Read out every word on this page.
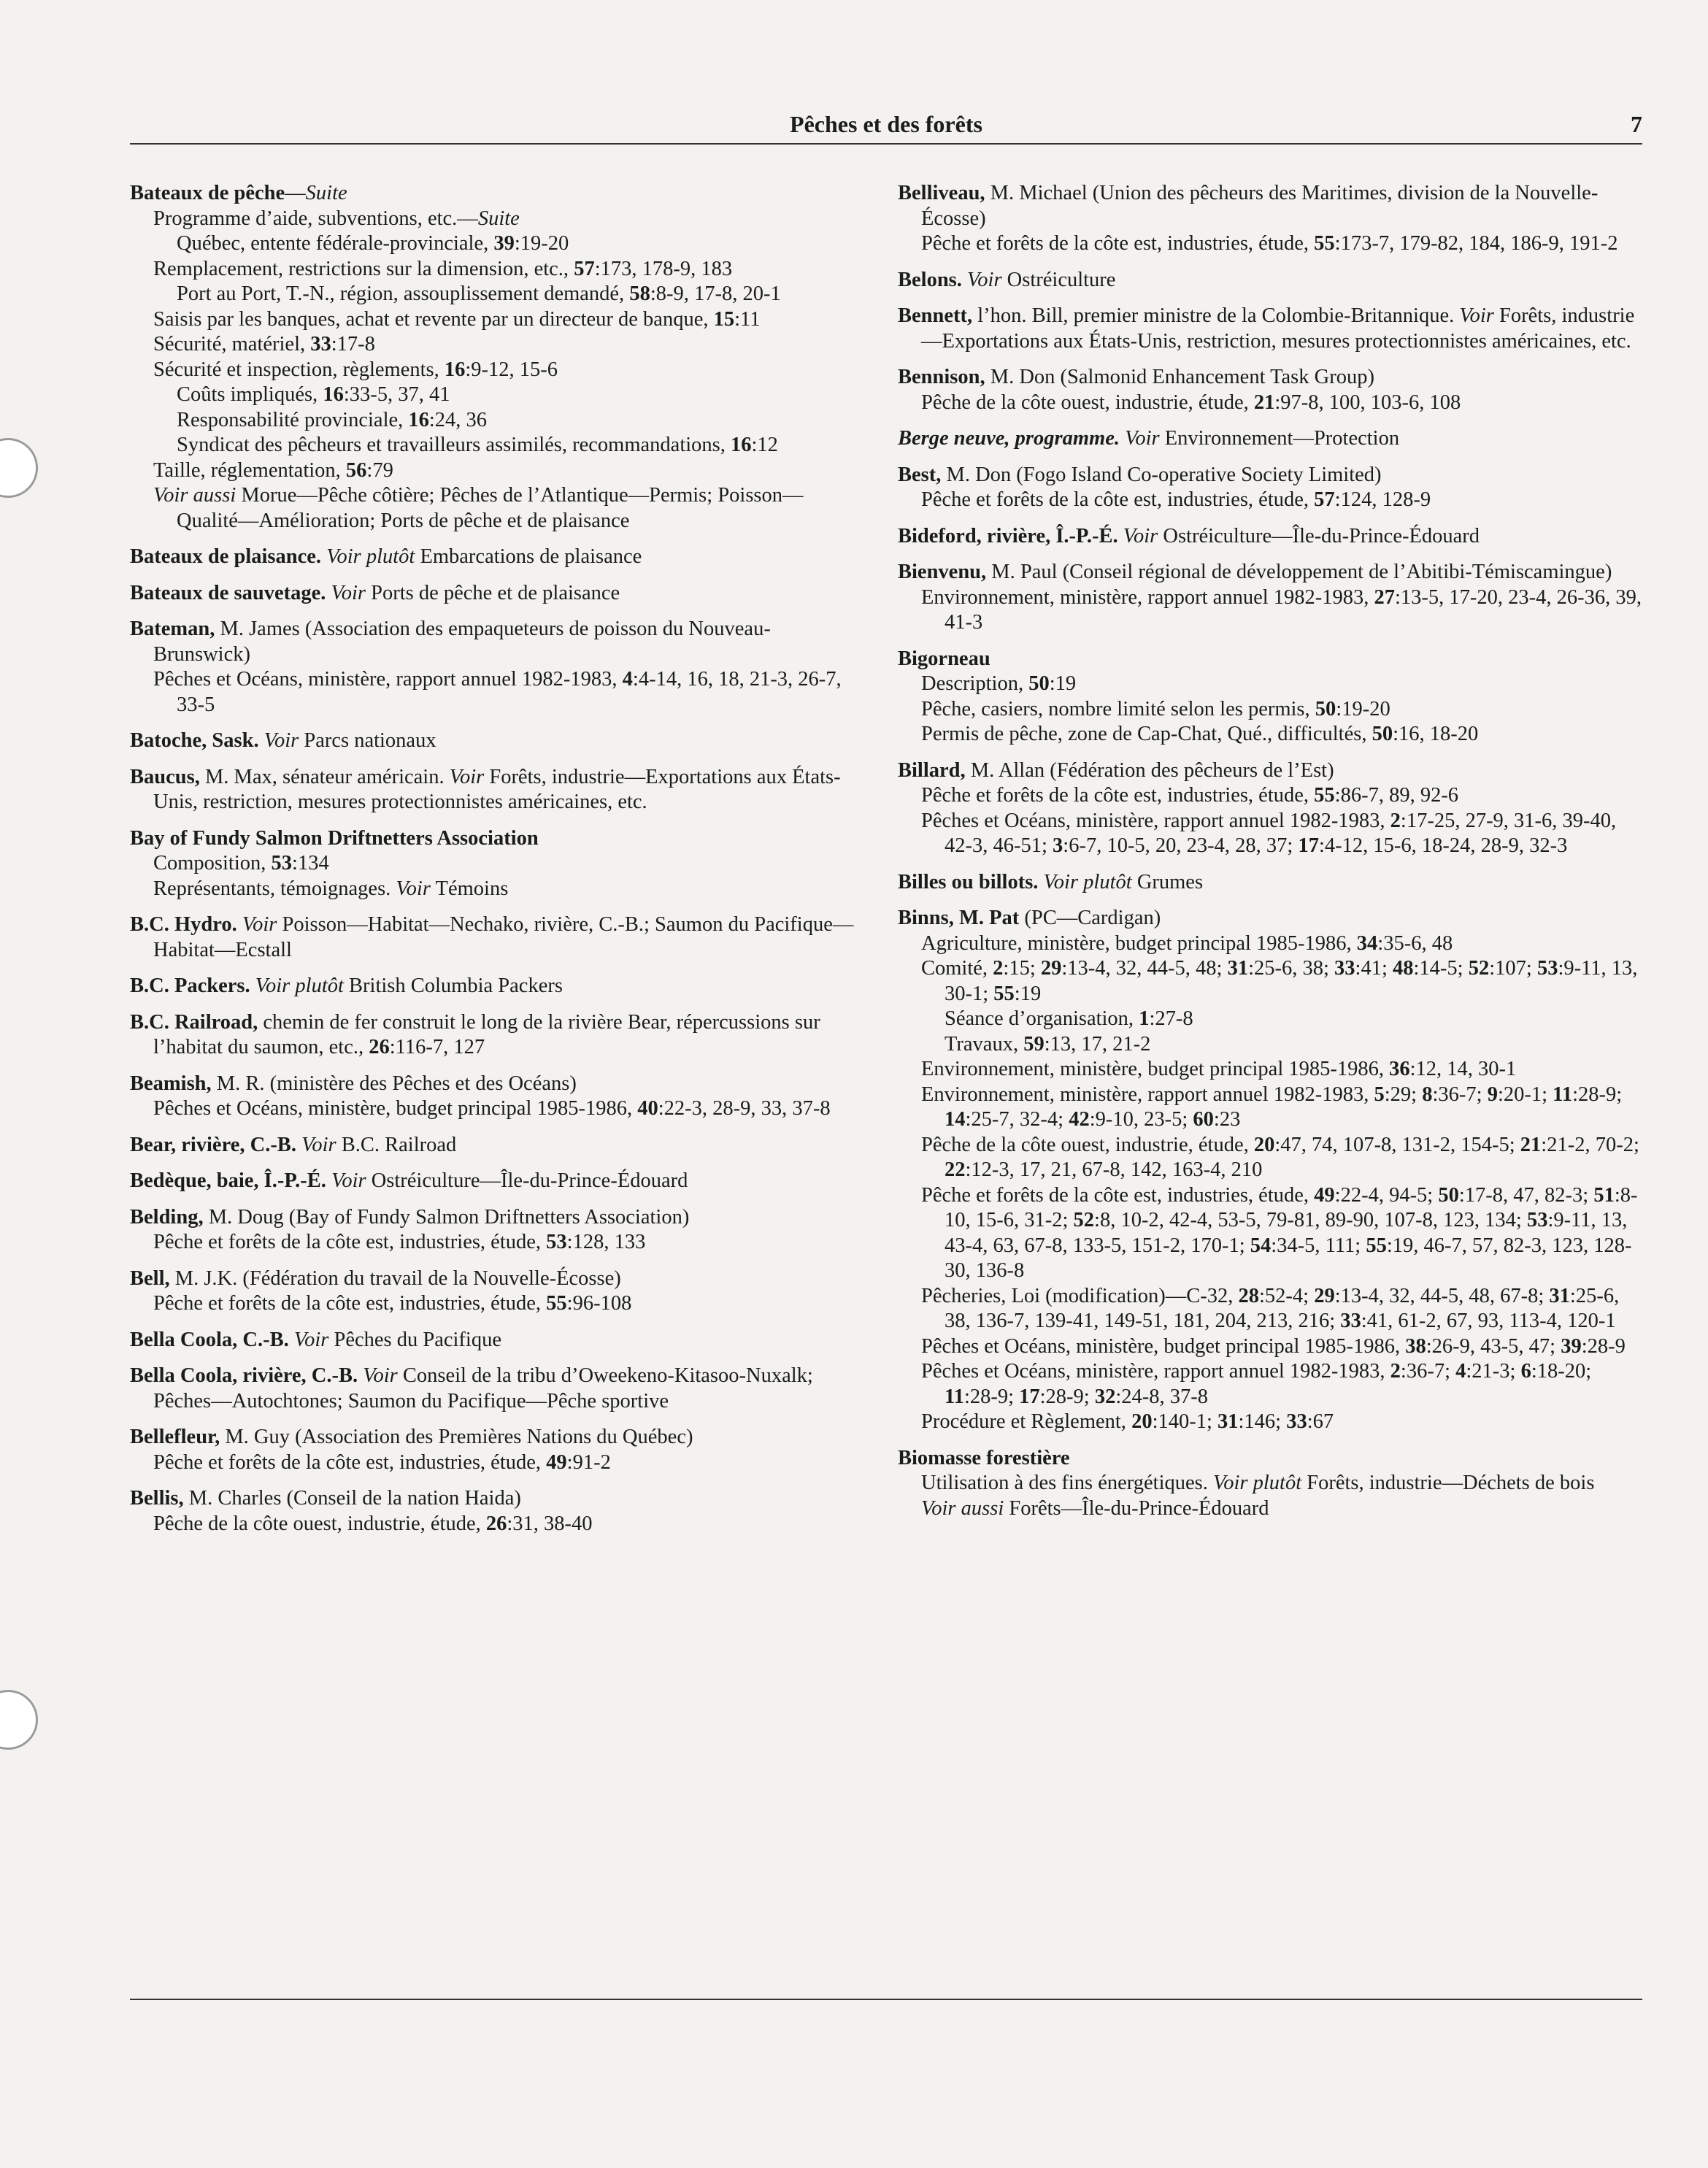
Pêches et des forêts	7
Bateaux de pêche—Suite
Programme d’aide, subventions, etc.—Suite
Québec, entente fédérale-provinciale, 39:19-20
Remplacement, restrictions sur la dimension, etc., 57:173, 178-9, 183
Port au Port, T.-N., région, assouplissement demandé, 58:8-9, 17-8, 20-1
Saisis par les banques, achat et revente par un directeur de banque, 15:11
Sécurité, matériel, 33:17-8
Sécurité et inspection, règlements, 16:9-12, 15-6
Coûts impliqués, 16:33-5, 37, 41
Responsabilité provinciale, 16:24, 36
Syndicat des pêcheurs et travailleurs assimilés, recommandations, 16:12
Taille, réglementation, 56:79
Voir aussi Morue—Pêche côtière; Pêches de l’Atlantique—Permis; Poisson—Qualité—Amélioration; Ports de pêche et de plaisance
Bateaux de plaisance. Voir plutôt Embarcations de plaisance
Bateaux de sauvetage. Voir Ports de pêche et de plaisance
Bateman, M. James (Association des empaqueteurs de poisson du Nouveau-Brunswick)
Pêches et Océans, ministère, rapport annuel 1982-1983, 4:4-14, 16, 18, 21-3, 26-7, 33-5
Batoche, Sask. Voir Parcs nationaux
Baucus, M. Max, sénateur américain. Voir Forêts, industrie—Exportations aux États-Unis, restriction, mesures protectionnistes américaines, etc.
Bay of Fundy Salmon Driftnetters Association
Composition, 53:134
Représentants, témoignages. Voir Témoins
B.C. Hydro. Voir Poisson—Habitat—Nechako, rivière, C.-B.; Saumon du Pacifique—Habitat—Ecstall
B.C. Packers. Voir plutôt British Columbia Packers
B.C. Railroad, chemin de fer construit le long de la rivière Bear, répercussions sur l’habitat du saumon, etc., 26:116-7, 127
Beamish, M. R. (ministère des Pêches et des Océans)
Pêches et Océans, ministère, budget principal 1985-1986, 40:22-3, 28-9, 33, 37-8
Bear, rivière, C.-B. Voir B.C. Railroad
Bedèque, baie, Î.-P.-É. Voir Ostréiculture—Île-du-Prince-Édouard
Belding, M. Doug (Bay of Fundy Salmon Driftnetters Association)
Pêche et forêts de la côte est, industries, étude, 53:128, 133
Bell, M. J.K. (Fédération du travail de la Nouvelle-Écosse)
Pêche et forêts de la côte est, industries, étude, 55:96-108
Bella Coola, C.-B. Voir Pêches du Pacifique
Bella Coola, rivière, C.-B. Voir Conseil de la tribu d’Oweekeno-Kitasoo-Nuxalk; Pêches—Autochtones; Saumon du Pacifique—Pêche sportive
Bellefleur, M. Guy (Association des Premières Nations du Québec)
Pêche et forêts de la côte est, industries, étude, 49:91-2
Bellis, M. Charles (Conseil de la nation Haida)
Pêche de la côte ouest, industrie, étude, 26:31, 38-40
Belliveau, M. Michael (Union des pêcheurs des Maritimes, division de la Nouvelle-Écosse)
Pêche et forêts de la côte est, industries, étude, 55:173-7, 179-82, 184, 186-9, 191-2
Belons. Voir Ostréiculture
Bennett, l’hon. Bill, premier ministre de la Colombie-Britannique. Voir Forêts, industrie—Exportations aux États-Unis, restriction, mesures protectionnistes américaines, etc.
Bennison, M. Don (Salmonid Enhancement Task Group)
Pêche de la côte ouest, industrie, étude, 21:97-8, 100, 103-6, 108
Berge neuve, programme. Voir Environnement—Protection
Best, M. Don (Fogo Island Co-operative Society Limited)
Pêche et forêts de la côte est, industries, étude, 57:124, 128-9
Bideford, rivière, Î.-P.-É. Voir Ostréiculture—Île-du-Prince-Édouard
Bienvenu, M. Paul (Conseil régional de développement de l’Abitibi-Témiscamingue)
Environnement, ministère, rapport annuel 1982-1983, 27:13-5, 17-20, 23-4, 26-36, 39, 41-3
Bigorneau
Description, 50:19
Pêche, casiers, nombre limité selon les permis, 50:19-20
Permis de pêche, zone de Cap-Chat, Qué., difficultés, 50:16, 18-20
Billard, M. Allan (Fédération des pêcheurs de l’Est)
Pêche et forêts de la côte est, industries, étude, 55:86-7, 89, 92-6
Pêches et Océans, ministère, rapport annuel 1982-1983, 2:17-25, 27-9, 31-6, 39-40, 42-3, 46-51; 3:6-7, 10-5, 20, 23-4, 28, 37; 17:4-12, 15-6, 18-24, 28-9, 32-3
Billes ou billots. Voir plutôt Grumes
Binns, M. Pat (PC—Cardigan)
Agriculture, ministère, budget principal 1985-1986, 34:35-6, 48
Comité, 2:15; 29:13-4, 32, 44-5, 48; 31:25-6, 38; 33:41; 48:14-5; 52:107; 53:9-11, 13, 30-1; 55:19
Séance d’organisation, 1:27-8
Travaux, 59:13, 17, 21-2
Environnement, ministère, budget principal 1985-1986, 36:12, 14, 30-1
Environnement, ministère, rapport annuel 1982-1983, 5:29; 8:36-7; 9:20-1; 11:28-9; 14:25-7, 32-4; 42:9-10, 23-5; 60:23
Pêche de la côte ouest, industrie, étude, 20:47, 74, 107-8, 131-2, 154-5; 21:21-2, 70-2; 22:12-3, 17, 21, 67-8, 142, 163-4, 210
Pêche et forêts de la côte est, industries, étude, 49:22-4, 94-5; 50:17-8, 47, 82-3; 51:8-10, 15-6, 31-2; 52:8, 10-2, 42-4, 53-5, 79-81, 89-90, 107-8, 123, 134; 53:9-11, 13, 43-4, 63, 67-8, 133-5, 151-2, 170-1; 54:34-5, 111; 55:19, 46-7, 57, 82-3, 123, 128-30, 136-8
Pêcheries, Loi (modification)—C-32, 28:52-4; 29:13-4, 32, 44-5, 48, 67-8; 31:25-6, 38, 136-7, 139-41, 149-51, 181, 204, 213, 216; 33:41, 61-2, 67, 93, 113-4, 120-1
Pêches et Océans, ministère, budget principal 1985-1986, 38:26-9, 43-5, 47; 39:28-9
Pêches et Océans, ministère, rapport annuel 1982-1983, 2:36-7; 4:21-3; 6:18-20; 11:28-9; 17:28-9; 32:24-8, 37-8
Procédure et Règlement, 20:140-1; 31:146; 33:67
Biomasse forestière
Utilisation à des fins énergétiques. Voir plutôt Forêts, industrie—Déchets de bois
Voir aussi Forêts—Île-du-Prince-Édouard
